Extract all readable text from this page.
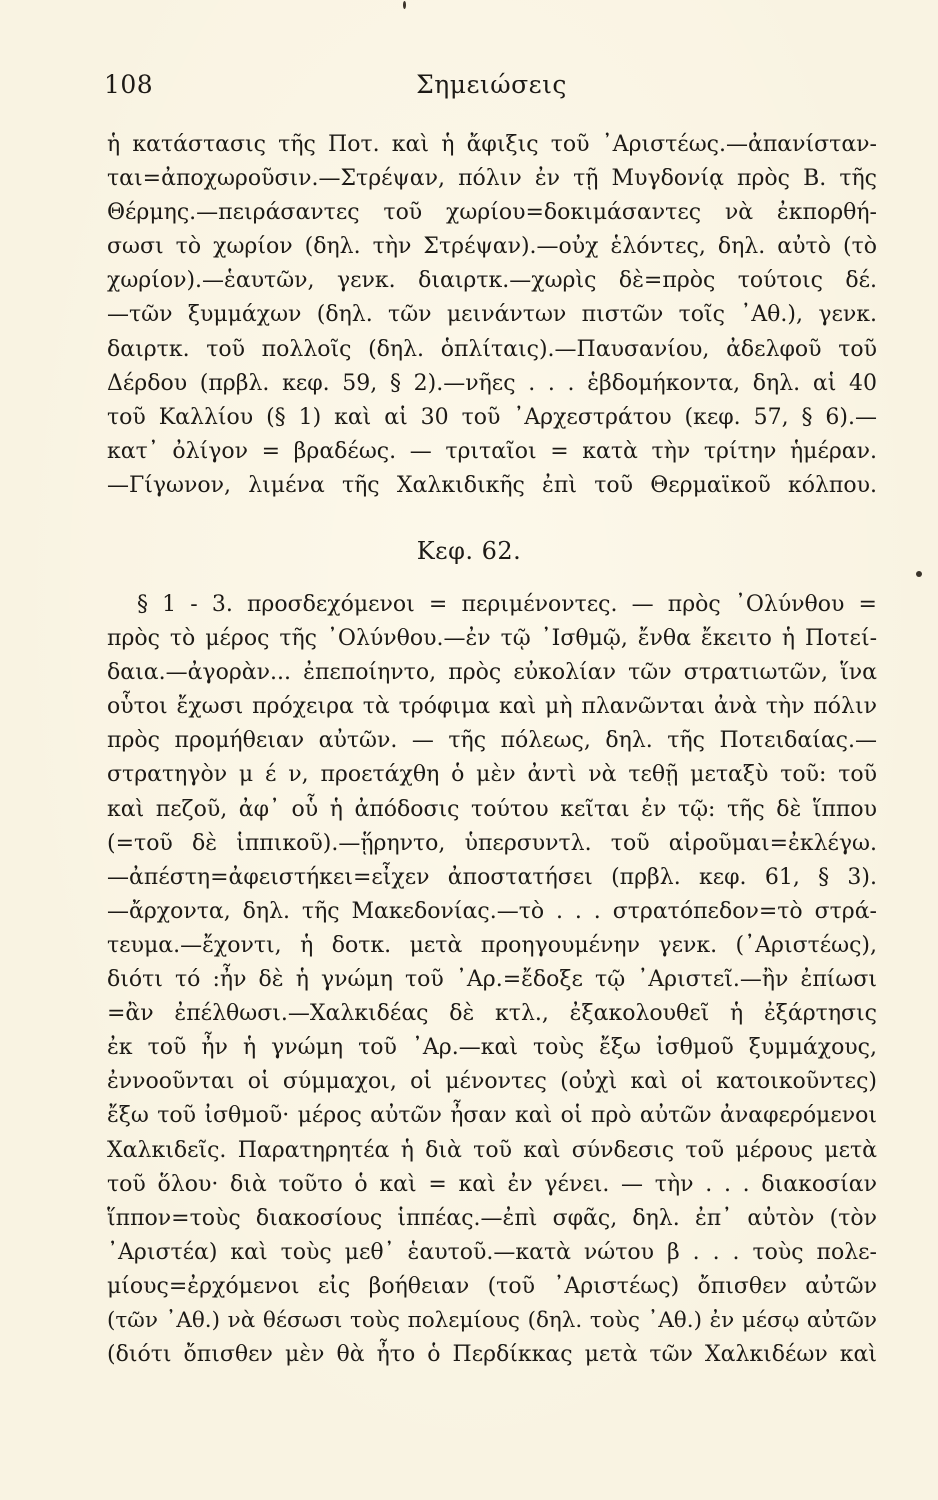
108	Σημειώσεις
ἡ κατάστασις τῆς Ποτ. καὶ ἡ ἄφιξις τοῦ ᾿Αριστέως.—ἀπανίσταν-
ται=ἀποχωροῦσιν.—Στρέψαν, πόλιν ἐν τῇ Μυγδονίᾳ πρὸς Β. τῆς
Θέρμης.—πειράσαντες τοῦ χωρίου=δοκιμάσαντες νὰ ἐκπορθή-
σωσι τὸ χωρίον (δηλ. τὴν Στρέψαν).—οὐχ ἑλόντες, δηλ. αὐτὸ (τὸ
χωρίον).—ἑαυτῶν, γενκ. διαιρτκ.—χωρὶς δὲ=πρὸς τούτοις δέ.
—τῶν ξυμμάχων (δηλ. τῶν μεινάντων πιστῶν τοῖς ᾿Αθ.), γενκ.
δαιρτκ. τοῦ πολλοῖς (δηλ. ὁπλίταις).—Παυσανίου, ἀδελφοῦ τοῦ
Δέρδου (πρβλ. κεφ. 59, § 2).—νῆες . . . ἑβδομήκοντα, δηλ. αἱ 40
τοῦ Καλλίου (§ 1) καὶ αἱ 30 τοῦ ᾿Αρχεστράτου (κεφ. 57, § 6).—
κατ᾿ ὀλίγον = βραδέως. — τριταῖοι = κατὰ τὴν τρίτην ἡμέραν.
—Γίγωνον, λιμένα τῆς Χαλκιδικῆς ἐπὶ τοῦ Θερμαϊκοῦ κόλπου.
Κεφ. 62.
§ 1 - 3. προσδεχόμενοι = περιμένοντες. — πρὸς ᾿Ολύνθου =
πρὸς τὸ μέρος τῆς ᾿Ολύνθου.—ἐν τῷ ᾿Ισθμῷ, ἔνθα ἔκειτο ἡ Ποτεί-
δαια.—ἀγορὰν... ἐπεποίηντο, πρὸς εὐκολίαν τῶν στρατιωτῶν, ἵνα
οὗτοι ἔχωσι πρόχειρα τὰ τρόφιμα καὶ μὴ πλανῶνται ἀνὰ τὴν πόλιν
πρὸς προμήθειαν αὐτῶν. — τῆς πόλεως, δηλ. τῆς Ποτειδαίας.—
στρατηγὸν μ έ ν, προετάχθη ὁ μὲν ἀντὶ νὰ τεθῇ μεταξὺ τοῦ: τοῦ
καὶ πεζοῦ, ἀφ᾿ οὗ ἡ ἀπόδοσις τούτου κεῖται ἐν τῷ: τῆς δὲ ἵππου
(=τοῦ δὲ ἱππικοῦ).—ᾕρηντο, ὑπερσυντλ. τοῦ αἱροῦμαι=ἐκλέγω.
—ἀπέστη=ἀφειστήκει=εἶχεν ἀποστατήσει (πρβλ. κεφ. 61, § 3).
—ἄρχοντα, δηλ. τῆς Μακεδονίας.—τὸ . . . στρατόπεδον=τὸ στρά-
τευμα.—ἔχοντι, ἡ δοτκ. μετὰ προηγουμένην γενκ. (᾿Αριστέως),
διότι τό :ἦν δὲ ἡ γνώμη τοῦ ᾿Αρ.=ἔδοξε τῷ ᾿Αριστεῖ.—ἢν ἐπίωσι
=ἂν ἐπέλθωσι.—Χαλκιδέας δὲ κτλ., ἐξακολουθεῖ ἡ ἐξάρτησις
ἐκ τοῦ ἦν ἡ γνώμη τοῦ ᾿Αρ.—καὶ τοὺς ἔξω ἰσθμοῦ ξυμμάχους,
ἐννοοῦνται οἱ σύμμαχοι, οἱ μένοντες (οὐχὶ καὶ οἱ κατοικοῦντες)
ἔξω τοῦ ἰσθμοῦ· μέρος αὐτῶν ἦσαν καὶ οἱ πρὸ αὐτῶν ἀναφερόμενοι
Χαλκιδεῖς. Παρατηρητέα ἡ διὰ τοῦ καὶ σύνδεσις τοῦ μέρους μετὰ
τοῦ ὅλου· διὰ τοῦτο ὁ καὶ = καὶ ἐν γένει. — τὴν . . . διακοσίαν
ἵππον=τοὺς διακοσίους ἱππέας.—ἐπὶ σφᾶς, δηλ. ἐπ᾿ αὐτὸν (τὸν
᾿Αριστέα) καὶ τοὺς μεθ᾿ ἑαυτοῦ.—κατὰ νώτου β . . . τοὺς πολε-
μίους=ἐρχόμενοι εἰς βοήθειαν (τοῦ ᾿Αριστέως) ὄπισθεν αὐτῶν
(τῶν ᾿Αθ.) νὰ θέσωσι τοὺς πολεμίους (δηλ. τοὺς ᾿Αθ.) ἐν μέσῳ αὐτῶν
(διότι ὄπισθεν μὲν θὰ ἦτο ὁ Περδίκκας μετὰ τῶν Χαλκιδέων καὶ
